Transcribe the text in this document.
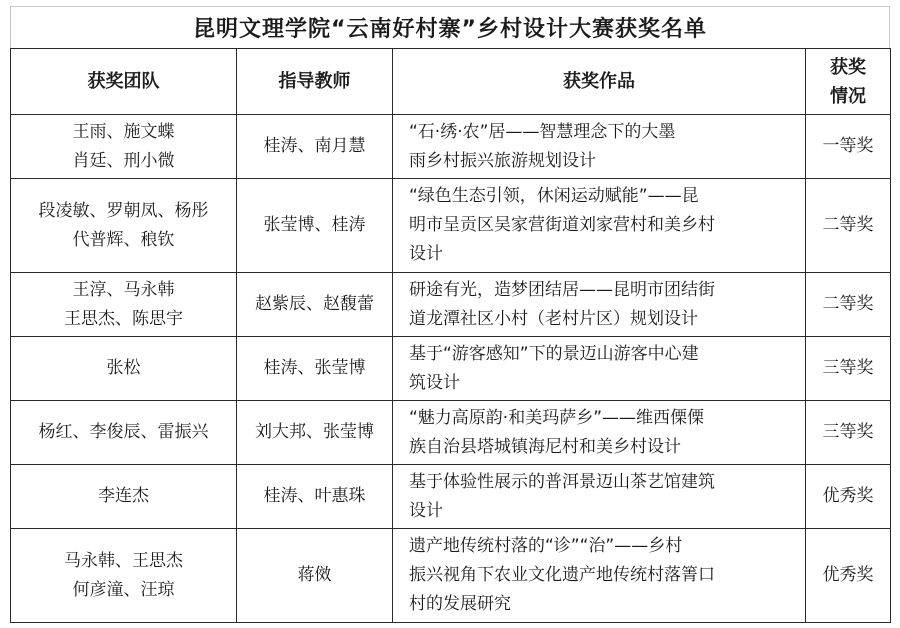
昆明文理学院“云南好村寨”乡村设计大赛获奖名单
获奖团队	指导教师	获奖作品	获奖
情况

王雨、施文蝶
肖廷、刑小微	桂涛、南月慧	“石·绣·农”居——智慧理念下的大墨
雨乡村振兴旅游规划设计	一等奖

段凌敏、罗朝凤、杨彤
代普辉、稂钦	张莹博、桂涛	“绿色生态引领，休闲运动赋能”——昆
明市呈贡区吴家营街道刘家营村和美乡村
设计	二等奖

王淳、马永韩
王思杰、陈思宇	赵紫辰、赵馥蕾	研途有光，造梦团结居——昆明市团结街
道龙潭社区小村（老村片区）规划设计	二等奖

张松	桂涛、张莹博	基于“游客感知”下的景迈山游客中心建
筑设计	三等奖

杨红、李俊辰、雷振兴	刘大邦、张莹博	“魅力高原韵·和美玛萨乡”——维西傈傈
族自治县塔城镇海尼村和美乡村设计	三等奖

李连杰	桂涛、叶惠珠	基于体验性展示的普洱景迈山茶艺馆建筑
设计	优秀奖

马永韩、王思杰
何彦潼、汪琼	蒋傚	遗产地传统村落的“诊”“治”——乡村
振兴视角下农业文化遗产地传统村落箐口
村的发展研究	优秀奖
